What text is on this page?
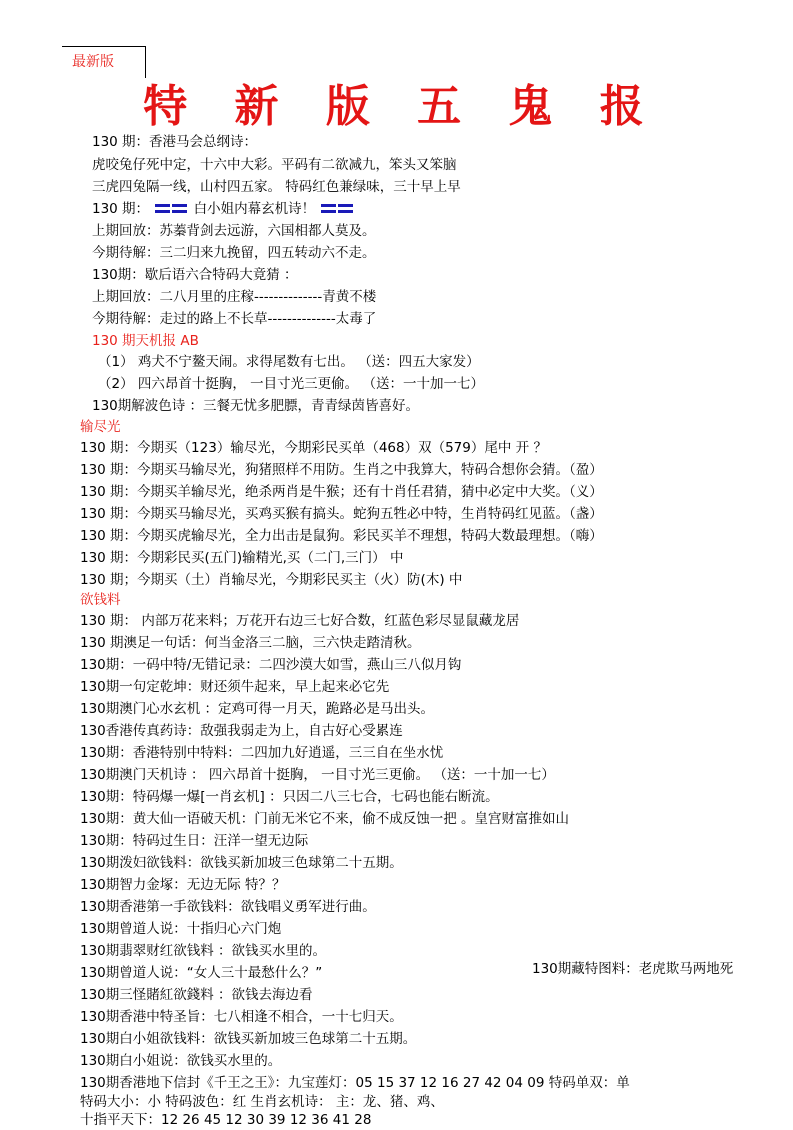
最新版
特 新 版 五 鬼 报
130 期：香港马会总纲诗：
虎咬兔仔死中定，十六中大彩。平码有二欲减九，笨头又笨脑
三虎四兔隔一线，山村四五家。 特码红色兼绿味，三十早上早
130 期：	白小姐内幕玄机诗！
上期回放：苏蓁背剑去远游，六国相都人莫及。
今期待解：三二归来九挽留，四五转动六不走。
130期：歇后语六合特码大竟猜 ：
上期回放：二八月里的庄稼--------------青黄不楼
今期待解：走过的路上不长草--------------太毒了
130 期天机报 AB
（1） 鸡犬不宁鳌天闹。求得尾数有七出。 （送：四五大家发）
（2） 四六昂首十挺胸， 一目寸光三更偷。 （送：一十加一七）
130期解波色诗 ：三餐无忧多肥膘，青青绿茵皆喜好。
输尽光
130 期：今期买（123）输尽光，今期彩民买单（468）双（579）尾中 开 ？
130 期：今期买马输尽光，狗猪照样不用防。生肖之中我算大，特码合想你会猜。（盈）
130 期：今期买羊输尽光，绝杀两肖是牛猴；还有十肖任君猜，猜中必定中大奖。（义）
130 期：今期买马输尽光，买鸡买猴有搞头。蛇狗五牲必中特，生肖特码红见蓝。（盏）
130 期：今期买虎输尽光，全力出击是鼠狗。彩民买羊不理想，特码大数最理想。（嗨）
130 期：今期彩民买(五门)输精光,买（二门,三门） 中
130 期；今期买（土）肖输尽光，今期彩民买主（火）防(木) 中
欲钱料
130 期： 内部万花来料；万花开右边三七好合数，红蓝色彩尽显鼠藏龙居
130 期澳足一句话：何当金洛三二脑，三六快走踏清秋。
130期：一码中特/无错记录：二四沙漠大如雪，燕山三八似月钩
130期一句定乾坤：财还须牛起来，早上起来必它先
130期澳门心水玄机 ：定鸡可得一月天，跪路必是马出头。
130香港传真药诗：敌强我弱走为上，自古好心受累连
130期：香港特别中特料：二四加九好逍遥，三三自在坐水忧
130期澳门天机诗 ： 四六昂首十挺胸， 一目寸光三更偷。 （送：一十加一七）
130期：特码爆一爆[一肖玄机] ：只因二八三七合，七码也能右断流。
130期：黄大仙一语破天机：门前无米它不来，偷不成反蚀一把 。皇宫财富推如山
130期：特码过生日：汪洋一望无边际
130期泼妇欲钱料：欲钱买新加坡三色球第二十五期。
130期智力金塚：无边无际 特？？
130期香港第一手欲钱料：欲钱唱义勇军进行曲。
130期曾道人说：十指归心六门炮
130期翡翠财红欲钱料 ：欲钱买水里的。
130期曾道人说：“女人三十最愁什么？”	130期藏特图料：老虎欺马两地死
130期三怪賭紅欲錢料 ：欲钱去海边看
130期香港中特圣旨：七八相逢不相合，一十七归天。
130期白小姐欲钱料：欲钱买新加坡三色球第二十五期。
130期白小姐说：欲钱买水里的。
130期香港地下信封《千王之王》：九宝莲灯：05 15 37 12 16 27 42 04 09 特码单双：单
特码大小：小 特码波色：红 生肖玄机诗： 主：龙、猪、鸡、
十指平天下：12 26 45 12 30 39 12 36 41 28
